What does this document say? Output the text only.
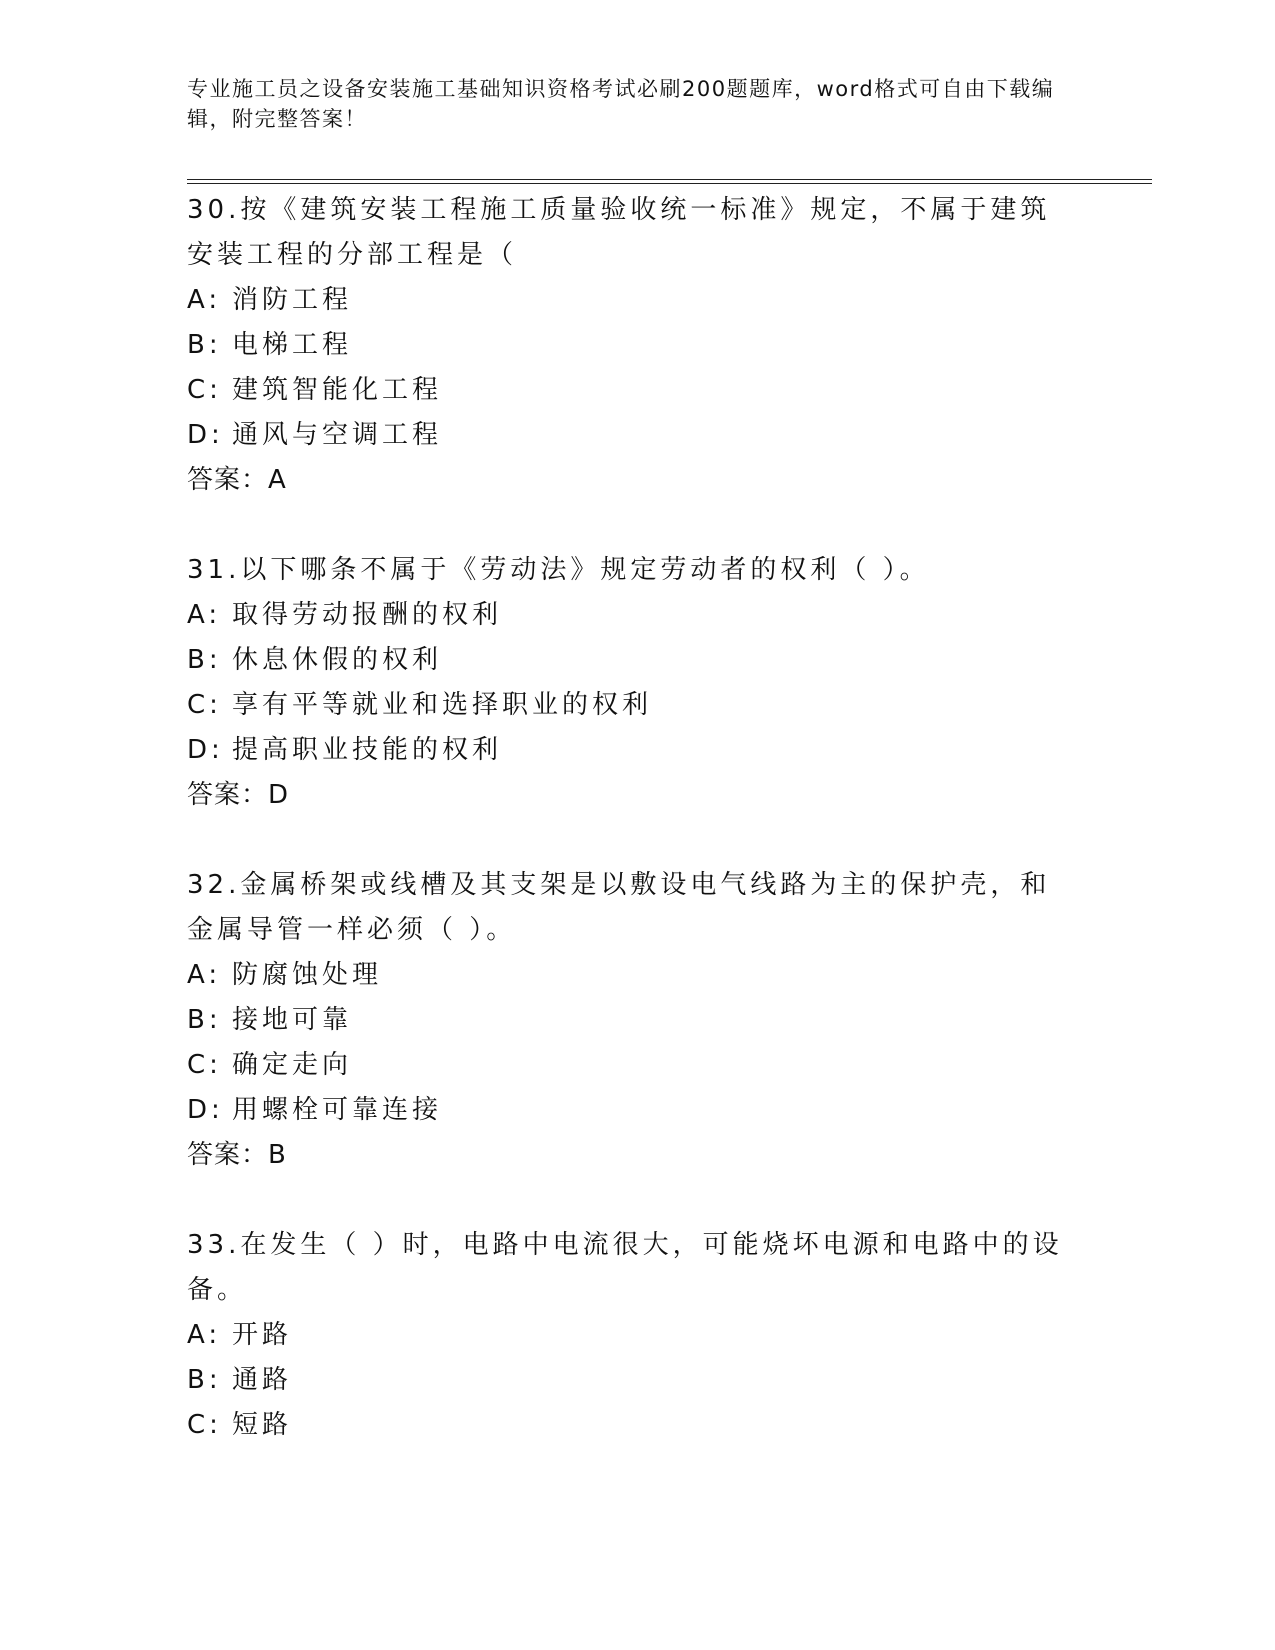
专业施工员之设备安装施工基础知识资格考试必刷200题题库，word格式可自由下载编辑，附完整答案！
30.按《建筑安装工程施工质量验收统一标准》规定，不属于建筑安装工程的分部工程是（
A: 消防工程
B: 电梯工程
C: 建筑智能化工程
D: 通风与空调工程
答案：A
31.以下哪条不属于《劳动法》规定劳动者的权利（ ）。
A: 取得劳动报酬的权利
B: 休息休假的权利
C: 享有平等就业和选择职业的权利
D: 提高职业技能的权利
答案：D
32.金属桥架或线槽及其支架是以敷设电气线路为主的保护壳，和金属导管一样必须（ ）。
A: 防腐蚀处理
B: 接地可靠
C: 确定走向
D: 用螺栓可靠连接
答案：B
33.在发生（ ）时，电路中电流很大，可能烧坏电源和电路中的设备。
A: 开路
B: 通路
C: 短路
